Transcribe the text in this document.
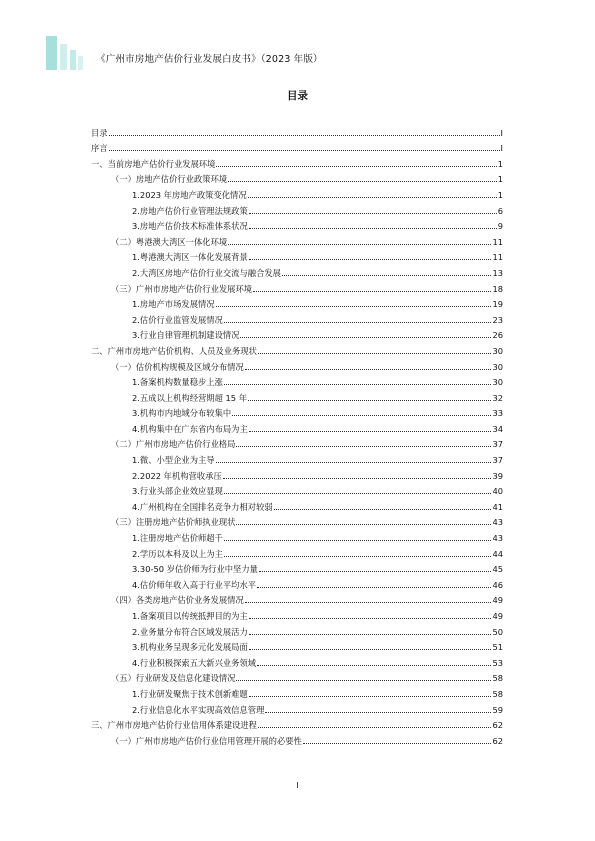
《广州市房地产估价行业发展白皮书》（2023 年版）
目录
目录	I
序言	I
一、当前房地产估价行业发展环境	1
（一）房地产估价行业政策环境	1
1.2023 年房地产政策变化情况	1
2.房地产估价行业管理法规政策	6
3.房地产估价技术标准体系状况	9
（二）粤港澳大湾区一体化环境	11
1.粤港澳大湾区一体化发展背景	11
2.大湾区房地产估价行业交流与融合发展	13
（三）广州市房地产估价行业发展环境	18
1.房地产市场发展情况	19
2.估价行业监管发展情况	23
3.行业自律管理机制建设情况	26
二、广州市房地产估价机构、人员及业务现状	30
（一）估价机构规模及区域分布情况	30
1.备案机构数量稳步上涨	30
2.五成以上机构经营期超 15 年	32
3.机构市内地域分布较集中	33
4.机构集中在广东省内布局为主	34
（二）广州市房地产估价行业格局	37
1.微、小型企业为主导	37
2.2022 年机构营收承压	39
3.行业头部企业效应显现	40
4.广州机构在全国排名竞争力相对较弱	41
（三）注册房地产估价师执业现状	43
1.注册房地产估价师超千	43
2.学历以本科及以上为主	44
3.30-50 岁估价师为行业中坚力量	45
4.估价师年收入高于行业平均水平	46
（四）各类房地产估价业务发展情况	49
1.备案项目以传统抵押目的为主	49
2.业务量分布符合区域发展活力	50
3.机构业务呈现多元化发展局面	51
4.行业积极探索五大新兴业务领域	53
（五）行业研发及信息化建设情况	58
1.行业研发聚焦于技术创新难题	58
2.行业信息化水平实现高效信息管理	59
三、广州市房地产估价行业信用体系建设进程	62
（一）广州市房地产估价行业信用管理开展的必要性	62
I
